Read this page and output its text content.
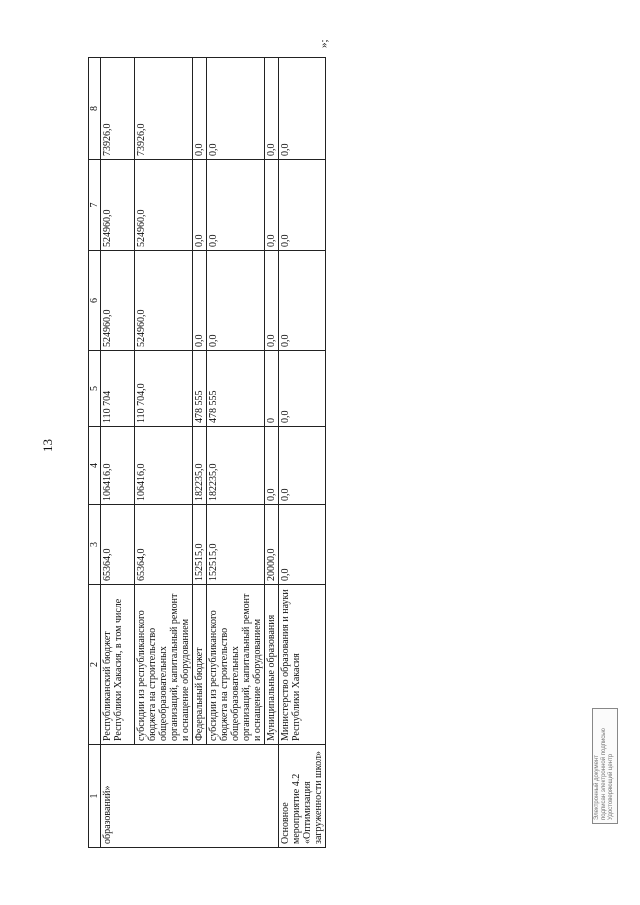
13
1	2	3	4	5	6	7	8
образований»	Республиканский бюджет Республики Хакасия, в том числе	65364,0	106416,0	110 704	524960,0	524960,0	73926,0
	субсидии из республиканского бюджета на строительство общеобразовательных организаций, капитальный ремонт и оснащение оборудованием	65364,0	106416,0	110 704,0	524960,0	524960,0	73926,0
	Федеральный бюджет	152515,0	182235,0	478 555	0,0	0,0	0,0
	субсидии из республиканского бюджета на строительство общеобразовательных организаций, капитальный ремонт и оснащение оборудованием	152515,0	182235,0	478 555	0,0	0,0	0,0
	Муниципальные образования	20000,0	0,0	0	0,0	0,0	0,0
Основное мероприятие 4.2 «Оптимизация загруженности школ»	Министерство образования и науки Республики Хакасия	0,0	0,0	0,0	0,0	0,0	0,0
»;
Электронный документ подписан электронной подписью Удостоверяющий центр
